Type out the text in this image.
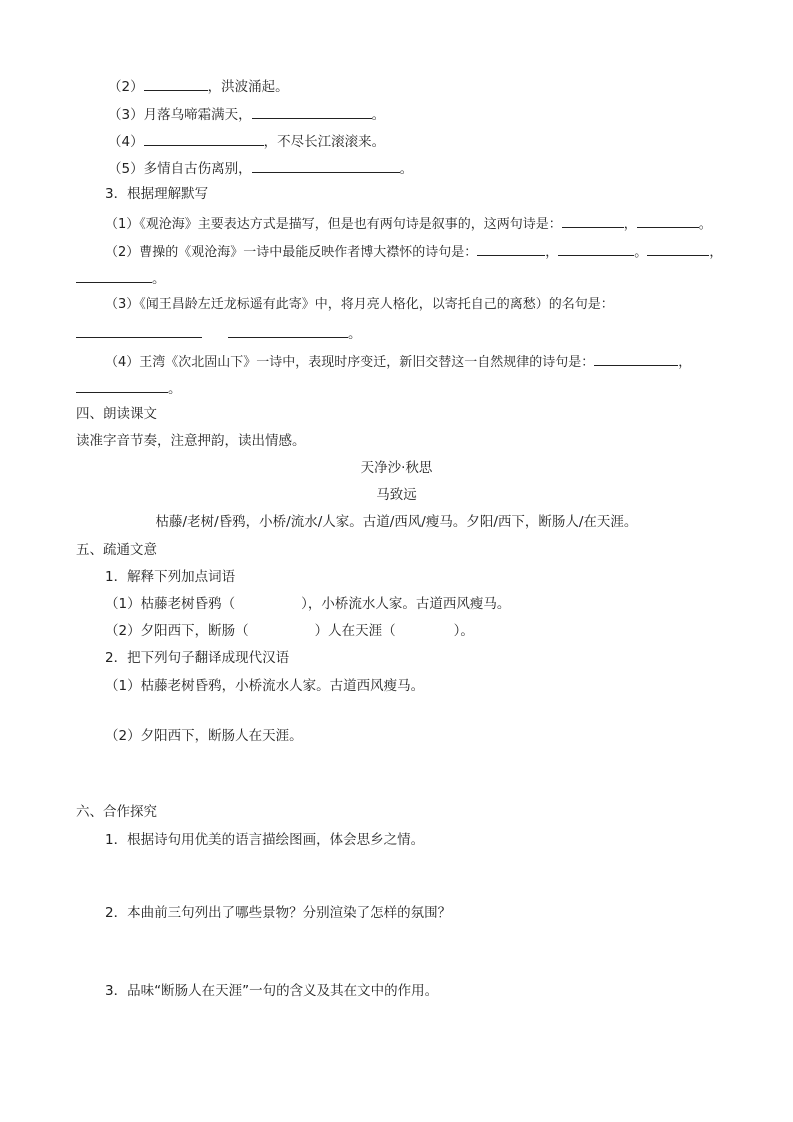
（2）	，洪波涌起。
（3）月落乌啼霜满天，	。
（4）	，不尽长江滚滚来。
（5）多情自古伤离别，	。
3．根据理解默写
（1）《观沧海》主要表达方式是描写，但是也有两句诗是叙事的，这两句诗是：	，	。
（2）曹操的《观沧海》一诗中最能反映作者博大襟怀的诗句是：	，	。	，
。
（3）《闻王昌龄左迁龙标遥有此寄》中，将月亮人格化，以寄托自己的离愁）的名句是：
。
（4）王湾《次北固山下》一诗中，表现时序变迁，新旧交替这一自然规律的诗句是：	，
。
四、朗读课文
读准字音节奏，注意押韵，读出情感。
天净沙·秋思
马致远
枯藤/老树/昏鸦，小桥/流水/人家。古道/西风/瘦马。夕阳/西下，断肠人/在天涯。
五、疏通文意
1．解释下列加点词语
（1）枯藤老树昏鸦（	），小桥流水人家。古道西风瘦马。
（2）夕阳西下，断肠（	）人在天涯（	）。
2．把下列句子翻译成现代汉语
（1）枯藤老树昏鸦，小桥流水人家。古道西风瘦马。
（2）夕阳西下，断肠人在天涯。
六、合作探究
1．根据诗句用优美的语言描绘图画，体会思乡之情。
2．本曲前三句列出了哪些景物？分别渲染了怎样的氛围？
3．品味“断肠人在天涯”一句的含义及其在文中的作用。
